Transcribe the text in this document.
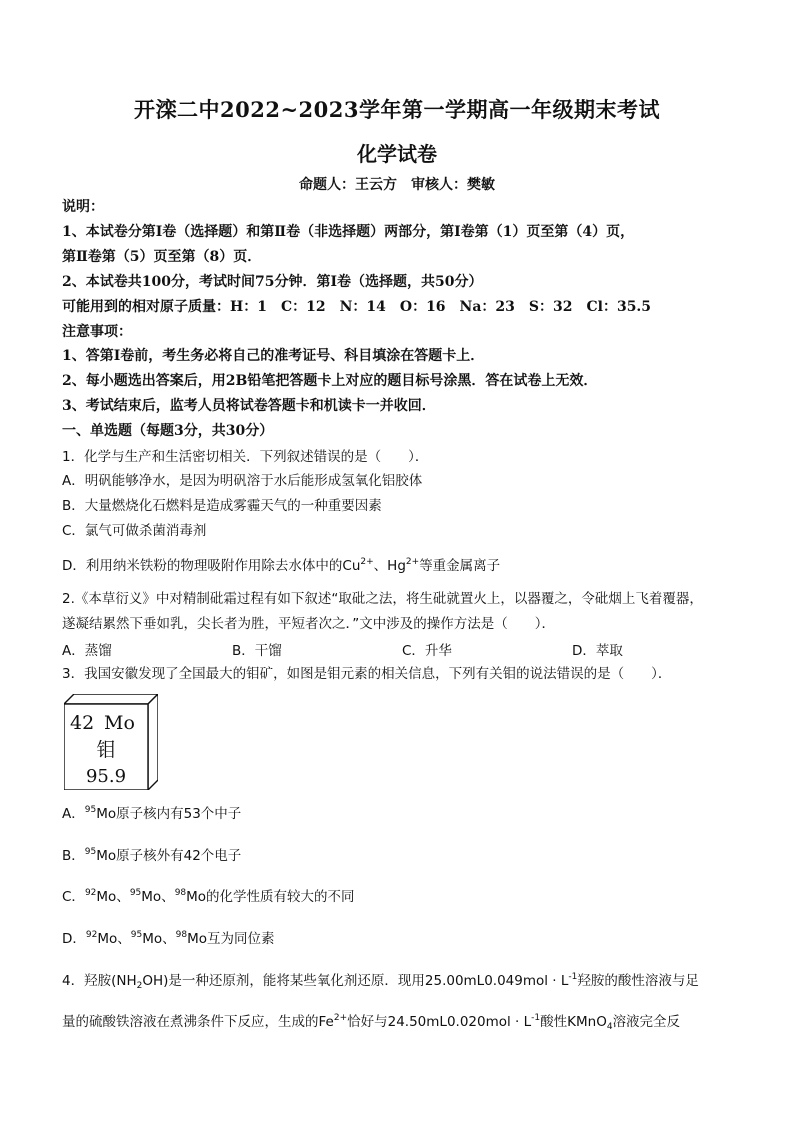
开滦二中2022~2023学年第一学期高一年级期末考试
化学试卷
命题人：王云方　审核人：樊敏
说明：
1、本试卷分第Ⅰ卷（选择题）和第Ⅱ卷（非选择题）两部分，第Ⅰ卷第（1）页至第（4）页，
第Ⅱ卷第（5）页至第（8）页．
2、本试卷共100分，考试时间75分钟．第Ⅰ卷（选择题，共50分）
可能用到的相对原子质量：H：1　C：12　N：14　O：16　Na：23　S：32　Cl：35.5
注意事项：
1、答第Ⅰ卷前，考生务必将自己的准考证号、科目填涂在答题卡上．
2、每小题选出答案后，用2B铅笔把答题卡上对应的题目标号涂黑．答在试卷上无效．
3、考试结束后，监考人员将试卷答题卡和机读卡一并收回．
一、单选题（每题3分，共30分）
1．化学与生产和生活密切相关．下列叙述错误的是（　　）．
A．明矾能够净水，是因为明矾溶于水后能形成氢氧化铝胶体
B．大量燃烧化石燃料是造成雾霾天气的一种重要因素
C．氯气可做杀菌消毒剂
D．利用纳米铁粉的物理吸附作用除去水体中的$Cu^{2+}$、$Hg^{2+}$等重金属离子
2.《本草衍义》中对精制砒霜过程有如下叙述“取砒之法，将生砒就置火上，以器覆之，令砒烟上飞着覆器，
遂凝结累然下垂如乳，尖长者为胜，平短者次之．”文中涉及的操作方法是（　　）．
A．蒸馏	B．干馏	C．升华	D．萃取
3．我国安徽发现了全国最大的钼矿，如图是钼元素的相关信息，下列有关钼的说法错误的是（　　）．
42 Mo
钼
95.9
A．$^{95}$Mo原子核内有53个中子
B．$^{95}$Mo原子核外有42个电子
C．$^{92}$Mo、$^{95}$Mo、$^{98}$Mo的化学性质有较大的不同
D．$^{92}$Mo、$^{95}$Mo、$^{98}$Mo互为同位素
4．羟胺$(NH_2OH)$是一种还原剂，能将某些氧化剂还原．现用$25.00mL0.049mol \cdot L^{-1}$羟胺的酸性溶液与足
量的硫酸铁溶液在煮沸条件下反应，生成的$Fe^{2+}$恰好与$24.50mL0.020mol \cdot L^{-1}$酸性KMnO$_4$溶液完全反
